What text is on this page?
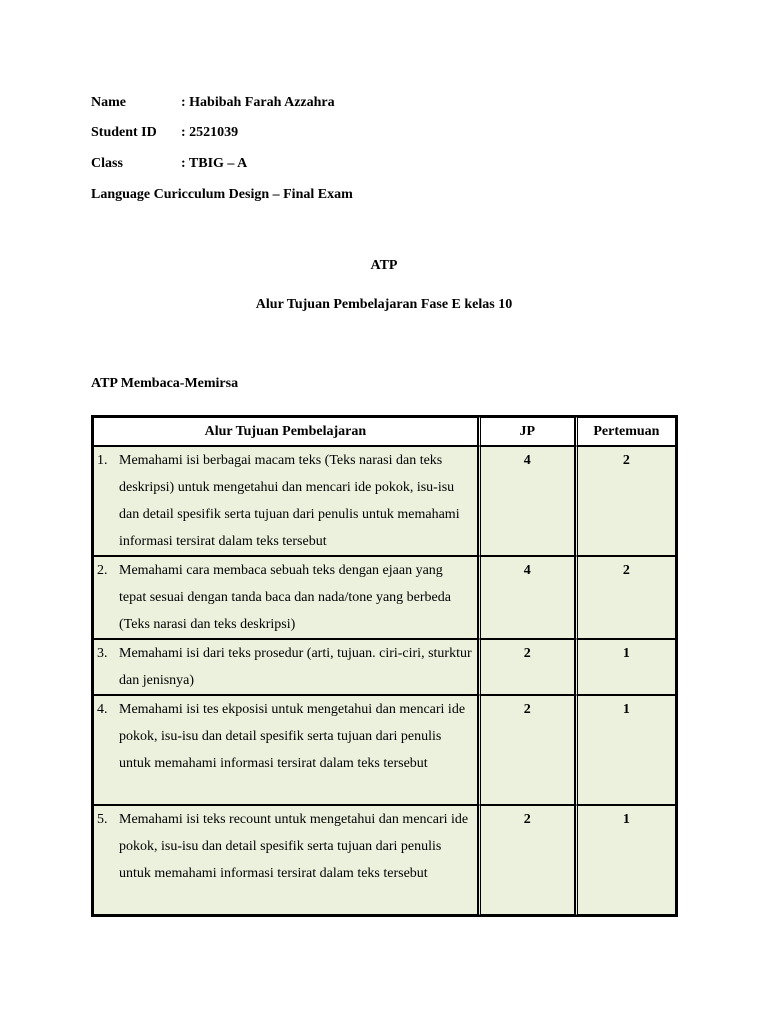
Name	: Habibah Farah Azzahra
Student ID : 2521039
Class	: TBIG – A
Language Curicculum Design – Final Exam
ATP
Alur Tujuan Pembelajaran Fase E kelas 10
ATP Membaca-Memirsa
Alur Tujuan Pembelajaran	JP	Pertemuan

1. Memahami isi berbagai macam teks (Teks narasi dan teks deskripsi) untuk mengetahui dan mencari ide pokok, isu-isu dan detail spesifik serta tujuan dari penulis untuk memahami informasi tersirat dalam teks tersebut	4	2

2. Memahami cara membaca sebuah teks dengan ejaan yang tepat sesuai dengan tanda baca dan nada/tone yang berbeda (Teks narasi dan teks deskripsi)	4	2

3. Memahami isi dari teks prosedur (arti, tujuan. ciri-ciri, sturktur dan jenisnya)	2	1

4. Memahami isi tes ekposisi untuk mengetahui dan mencari ide pokok, isu-isu dan detail spesifik serta tujuan dari penulis untuk memahami informasi tersirat dalam teks tersebut	2	1

5. Memahami isi teks recount untuk mengetahui dan mencari ide pokok, isu-isu dan detail spesifik serta tujuan dari penulis untuk memahami informasi tersirat dalam teks tersebut	2	1
